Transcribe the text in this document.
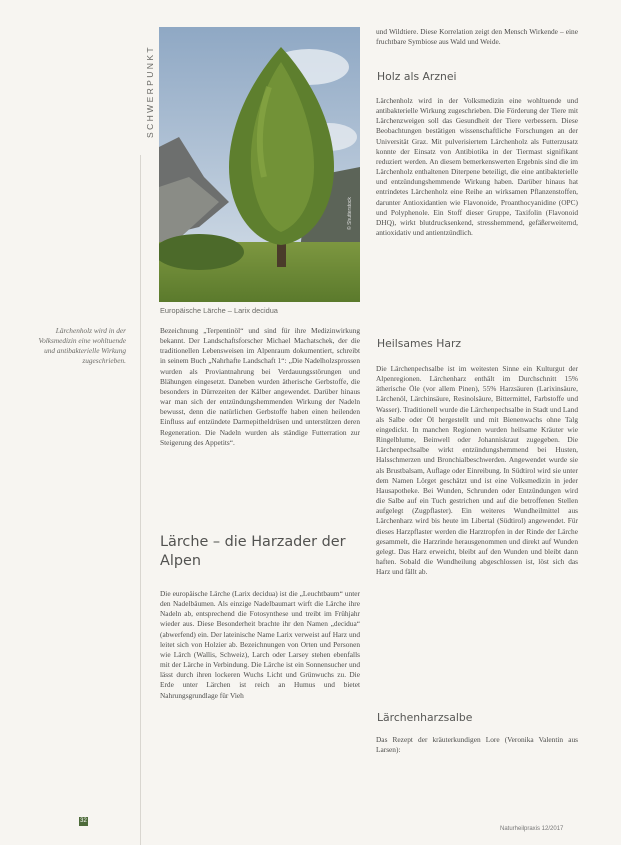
SCHWERPUNKT
© Shutterstock
Europäische Lärche – Larix decidua
Lärchenholz wird in der Volksmedizin eine wohltuende und antibakterielle Wirkung zugeschrieben.

Bezeichnung „Terpentinöl“ und sind für ihre Medizinwirkung bekannt. Der Landschaftsforscher Michael Machatschek, der die traditionellen Lebensweisen im Alpenraum dokumentiert, schreibt in seinem Buch „Nahrhafte Landschaft 1“: „Die Nadelholzsprossen wurden als Proviantnahrung bei Verdauungsstörungen und Blähungen eingesetzt. Daneben wurden ätherische Gerbstoffe, die besonders in Dürrezeiten der Kälber angewendet. Darüber hinaus war man sich der entzündungshemmenden Wirkung der Nadeln bewusst, denn die natürlichen Gerbstoffe haben einen heilenden Einfluss auf entzündete Darmepitheldrüsen und unterstützen deren Regeneration. Die Nadeln wurden als ständige Futterration zur Steigerung des Appetits“.

Lärche – die Harzader der Alpen

Die europäische Lärche (Larix decidua) ist die „Leuchtbaum“ unter den Nadelbäumen. Als einzige Nadelbaumart wirft die Lärche ihre Nadeln ab, entsprechend die Fotosynthese und treibt im Frühjahr wieder aus. Diese Besonderheit brachte ihr den Namen „decidua“ (abwerfend) ein. Der lateinische Name Larix verweist auf Harz und leitet sich von Holzier ab. Bezeichnungen von Orten und Personen wie Lärch (Wallis, Schweiz), Larch oder Larsey stehen ebenfalls mit der Lärche in Verbindung. Die Lärche ist ein Sonnensucher und lässt durch ihren lockeren Wuchs Licht und Grünwuchs zu. Die Erde unter Lärchen ist reich an Humus und bietet Nahrungsgrundlage für Vieh

und Wildtiere. Diese Korrelation zeigt den Mensch Wirkende – eine fruchtbare Symbiose aus Wald und Weide.

Holz als Arznei

Lärchenholz wird in der Volksmedizin eine wohltuende und antibakterielle Wirkung zugeschrieben. Die Förderung der Tiere mit Lärchenzweigen soll das Gesundheit der Tiere verbessern. Diese Beobachtungen bestätigen wissenschaftliche Forschungen an der Universität Graz. Mit pulverisiertem Lärchenholz als Futterzusatz konnte der Einsatz von Antibiotika in der Tiermast signifikant reduziert werden. An diesem bemerkenswerten Ergebnis sind die im Lärchenholz enthaltenen Diterpene beteiligt, die eine antibakterielle und entzündungshemmende Wirkung haben. Darüber hinaus hat entrindetes Lärchenholz eine Reihe an wirksamen Pflanzenstoffen, darunter Antioxidantien wie Flavonoide, Proanthocyanidine (OPC) und Polyphenole. Ein Stoff dieser Gruppe, Taxifolin (Flavonoid DHQ), wirkt blutdrucksenkend, stresshemmend, gefäßerweiternd, antioxidativ und antientzündlich.

Heilsames Harz

Die Lärchenpechsalbe ist im weitesten Sinne ein Kulturgut der Alpenregionen. Lärchenharz enthält im Durchschnitt 15% ätherische Öle (vor allem Pinen), 55% Harzsäuren (Larixinsäure, Lärchenöl, Lärchinsäure, Resinolsäure, Bittermittel, Farbstoffe und Wasser). Traditionell wurde die Lärchenpechsalbe in Stadt und Land als Salbe oder Öl hergestellt und mit Bienenwachs ohne Talg eingedickt. In manchen Regionen wurden heilsame Kräuter wie Ringelblume, Beinwell oder Johanniskraut zugegeben. Die Lärchenpechsalbe wirkt entzündungshemmend bei Husten, Halsschmerzen und Bronchialbeschwerden. Angewendet wurde sie als Brustbalsam, Auflage oder Einreibung. In Südtirol wird sie unter dem Namen Lörget geschätzt und ist eine Volksmedizin in jeder Hausapotheke. Bei Wunden, Schrunden oder Entzündungen wird die Salbe auf ein Tuch gestrichen und auf die betroffenen Stellen aufgelegt (Zugpflaster). Ein weiteres Wundheilmittel aus Lärchenharz wird bis heute im Libertal (Südtirol) angewendet. Für dieses Harzpflaster werden die Harztropfen in der Rinde der Lärche gesammelt, die Harzrinde herausgenommen und direkt auf Wunden gelegt. Das Harz erweicht, bleibt auf den Wunden und bleibt dann haften. Sobald die Wundheilung abgeschlossen ist, löst sich das Harz und fällt ab.

Lärchenharzsalbe

Das Rezept der kräuterkundigen Lore (Veronika Valentin aus Larsen):

32
Naturheilpraxis 12/2017
